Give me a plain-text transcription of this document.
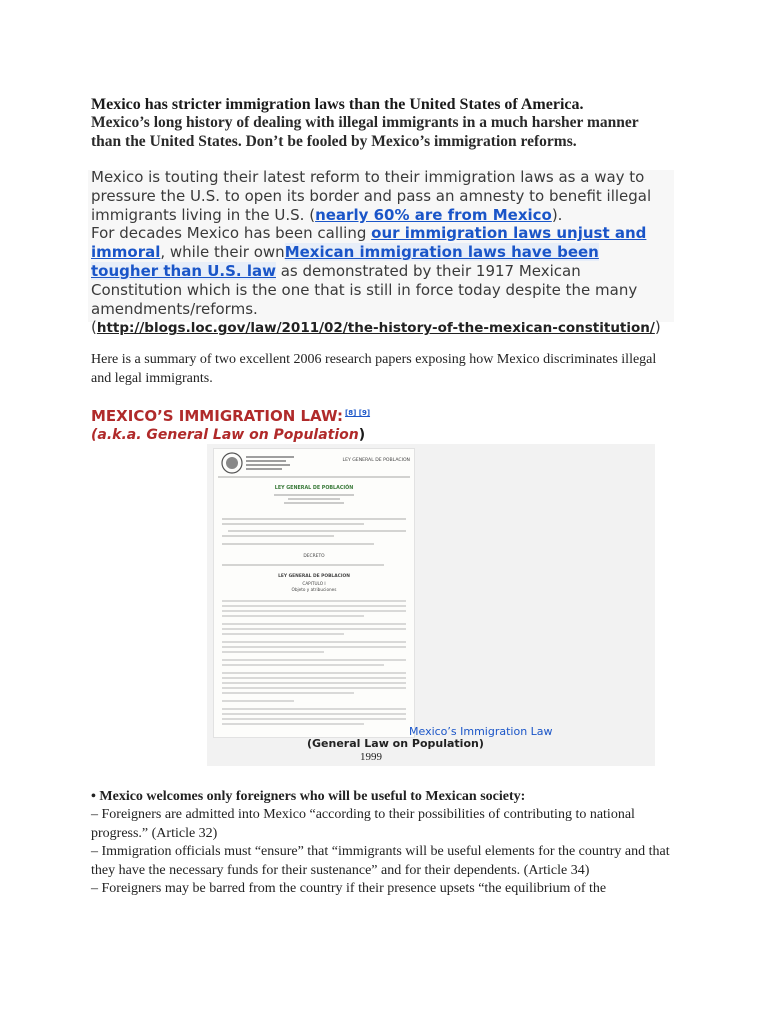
Mexico has stricter immigration laws than the United States of America.
Mexico’s long history of dealing with illegal immigrants in a much harsher manner than the United States. Don’t be fooled by Mexico’s immigration reforms.
Mexico is touting their latest reform to their immigration laws as a way to pressure the U.S. to open its border and pass an amnesty to benefit illegal immigrants living in the U.S. (nearly 60% are from Mexico).
For decades Mexico has been calling our immigration laws unjust and immoral, while their ownMexican immigration laws have been tougher than U.S. law as demonstrated by their 1917 Mexican Constitution which is the one that is still in force today despite the many amendments/reforms.
(http://blogs.loc.gov/law/2011/02/the-history-of-the-mexican-constitution/)
Here is a summary of two excellent 2006 research papers exposing how Mexico discriminates illegal and legal immigrants.
MEXICO’S IMMIGRATION LAW: [8] [9]
(a.k.a. General Law on Population)
LEY GENERAL DE POBLACION
LEY GENERAL DE POBLACIÓN
DECRETO
LEY GENERAL DE POBLACION
CAPITULO I
Objeto y atribuciones
Mexico’s Immigration Law
(General Law on Population)
1999

• Mexico welcomes only foreigners who will be useful to Mexican society:

– Foreigners are admitted into Mexico “according to their possibilities of contributing to national progress.” (Article 32)

– Immigration officials must “ensure” that “immigrants will be useful elements for the country and that they have the necessary funds for their sustenance” and for their dependents. (Article 34)

– Foreigners may be barred from the country if their presence upsets “the equilibrium of the
